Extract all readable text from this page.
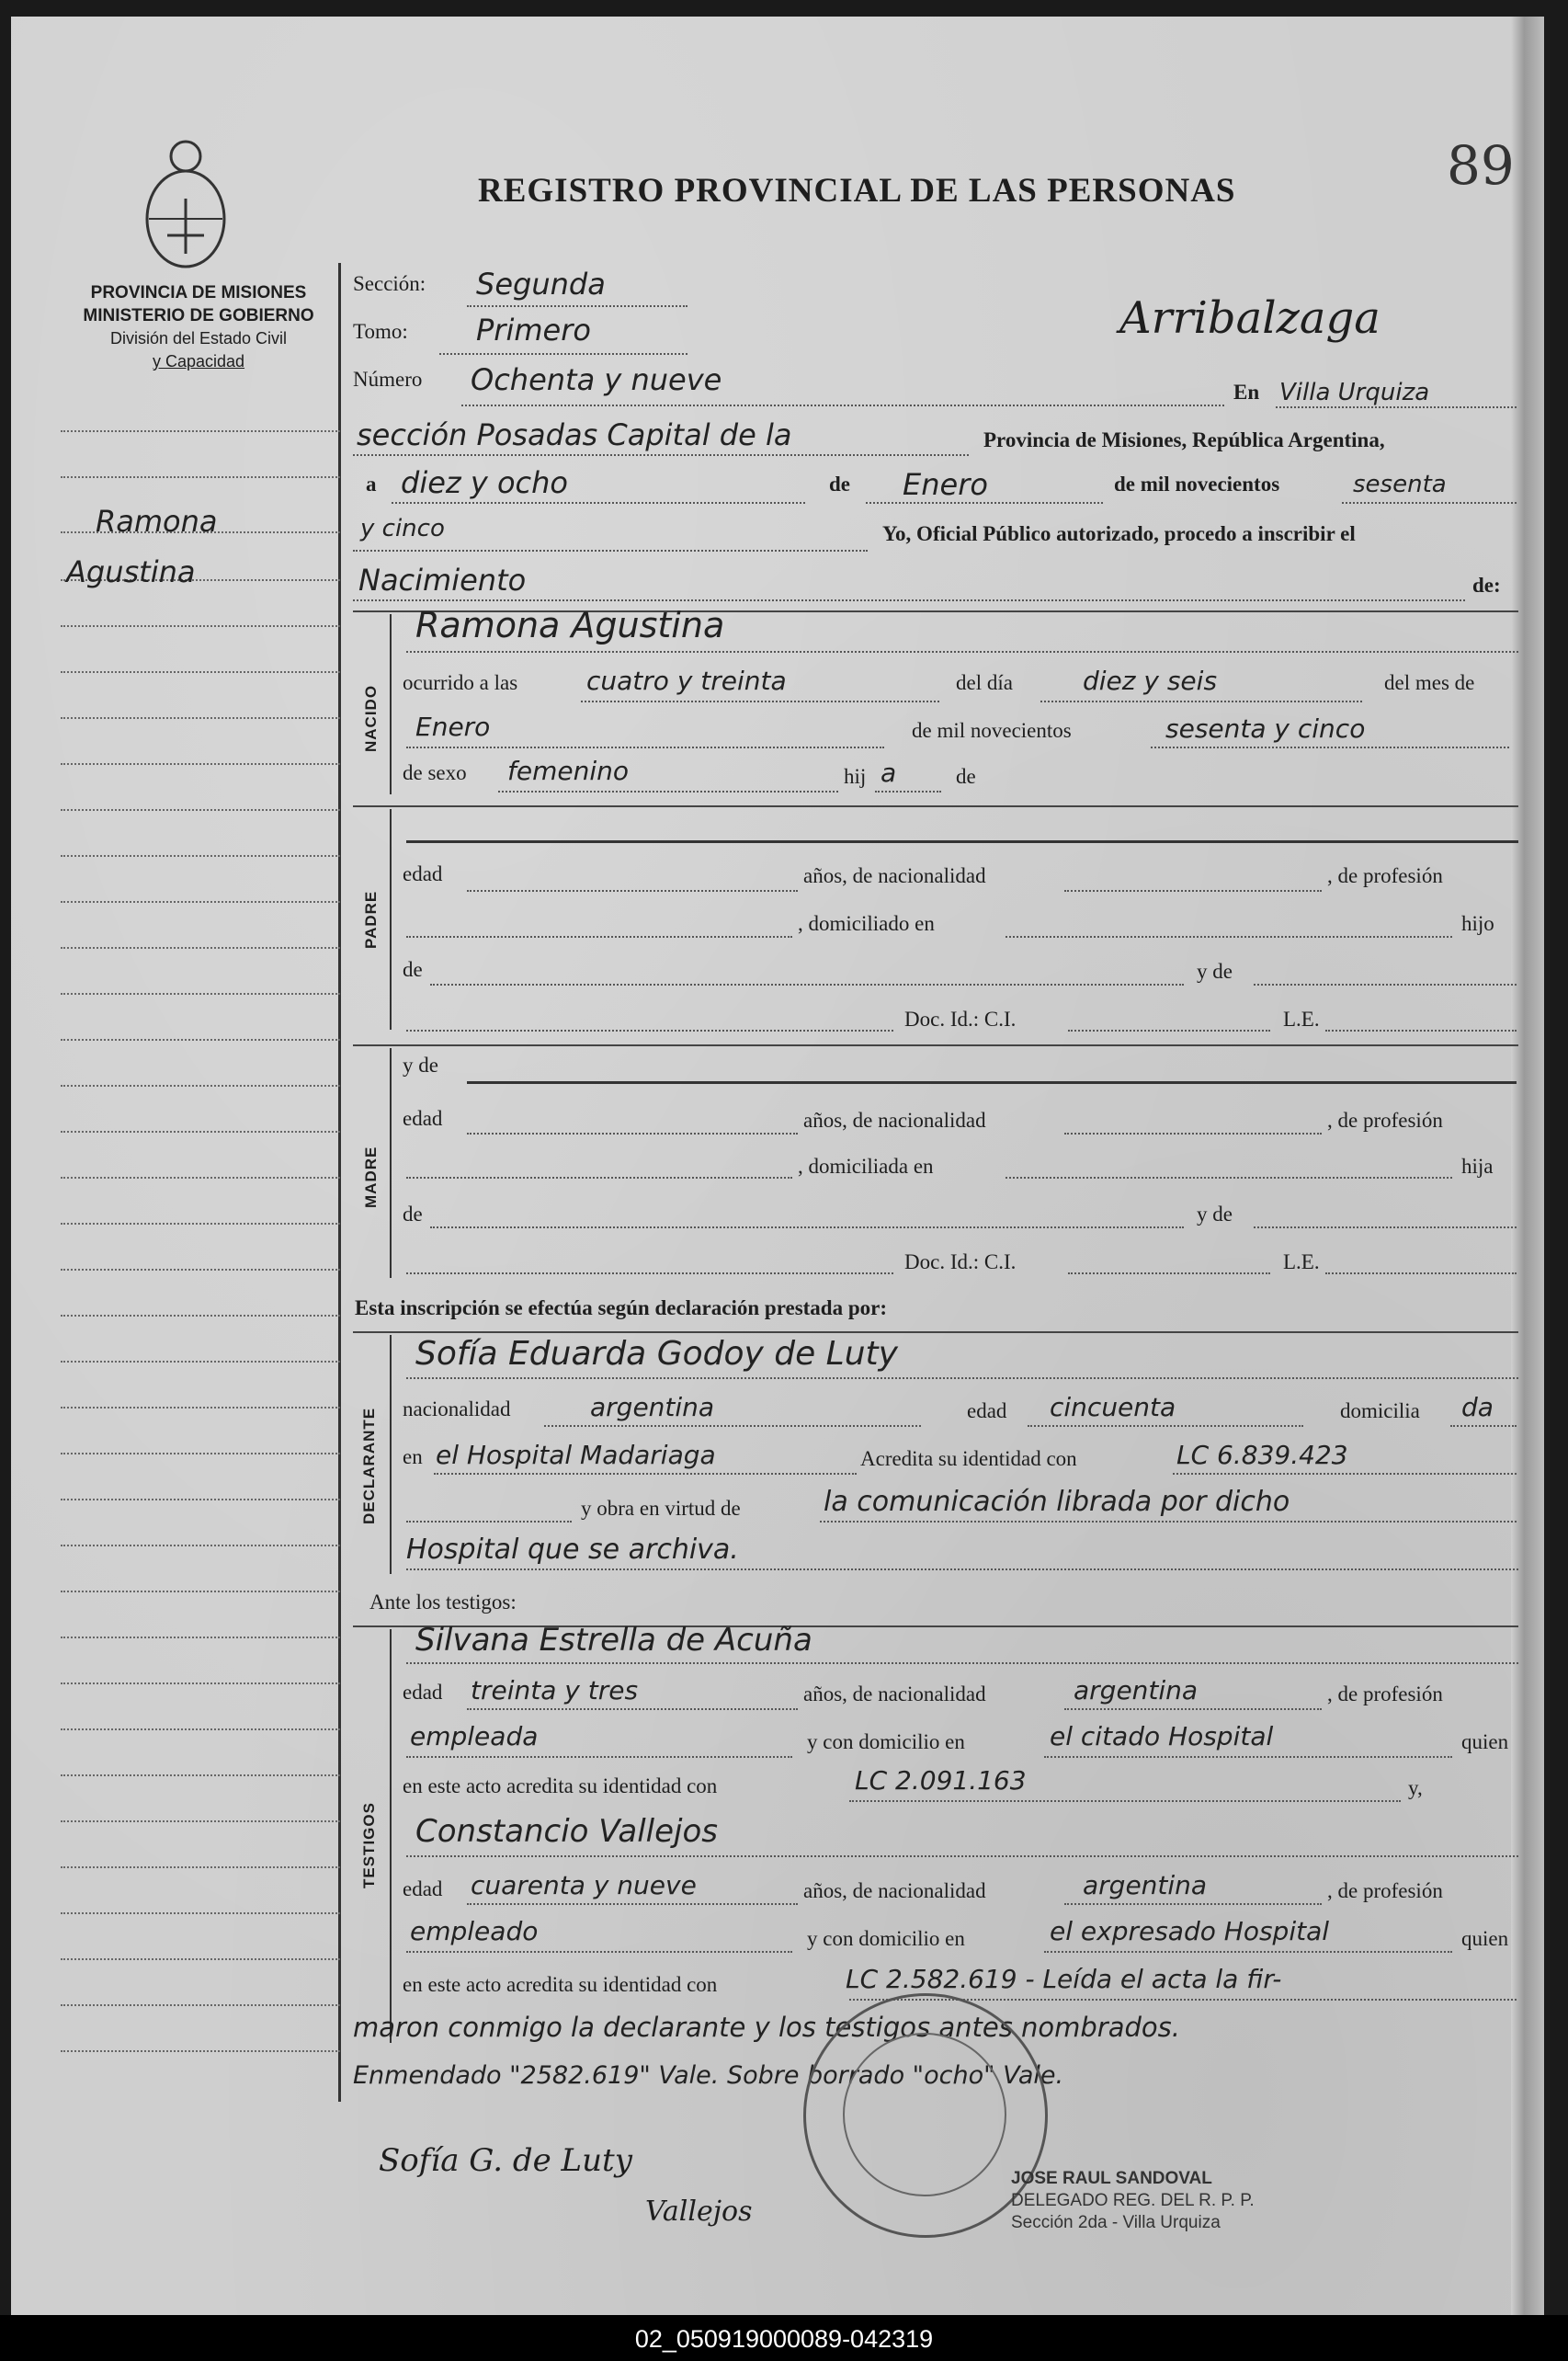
REGISTRO PROVINCIAL DE LAS PERSONAS	89
PROVINCIA DE MISIONES
MINISTERIO DE GOBIERNO
División del Estado Civil
y Capacidad
Ramona
Agustina
Sección: Segunda
Tomo: Primero	Arribalzaga
Número Ochenta y nueve	En Villa Urquiza
sección Posadas Capital de la	Provincia de Misiones, República Argentina,
a diez y ocho	de Enero	de mil novecientos	sesenta
y cinco	Yo, Oficial Público autorizado, procedo a inscribir el
Nacimiento	de:
NACIDO
Ramona Agustina
ocurrido a las	cuatro y treinta	del día	diez y seis	del mes de
Enero	de mil novecientos	sesenta y cinco
de sexo femenino	hij a	de
PADRE
edad	años, de nacionalidad	, de profesión
, domiciliado en	hijo
de	y de
Doc. Id.: C.I.	L.E.
MADRE
y de
edad	años, de nacionalidad	, de profesión
, domiciliada en	hija
de	y de
Doc. Id.: C.I.	L.E.
Esta inscripción se efectúa según declaración prestada por:
DECLARANTE
Sofía Eduarda Godoy de Luty
nacionalidad	argentina	edad cincuenta	domicilia da
en el Hospital Madariaga	Acredita su identidad con	LC 6.839.423
y obra en virtud de	la comunicación librada por dicho
Hospital que se archiva.
Ante los testigos:
TESTIGOS
Silvana Estrella de Acuña
edad treinta y tres	años, de nacionalidad	argentina	, de profesión
empleada	y con domicilio en	el citado Hospital	quien
en este acto acredita su identidad con	LC 2.091.163	y,
Constancio Vallejos
edad cuarenta y nueve	años, de nacionalidad	argentina	, de profesión
empleado	y con domicilio en	el expresado Hospital	quien
en este acto acredita su identidad con	LC 2.582.619 - Leída el acta la fir-
maron conmigo la declarante y los testigos antes nombrados.
Enmendado "2582.619" Vale. Sobre borrado "ocho" Vale.
JOSE RAUL SANDOVAL
DELEGADO REG. DEL R. P. P.
Sección 2da - Villa Urquiza
Sofía G. de Luty
Vallejos
02_050919000089-042319
